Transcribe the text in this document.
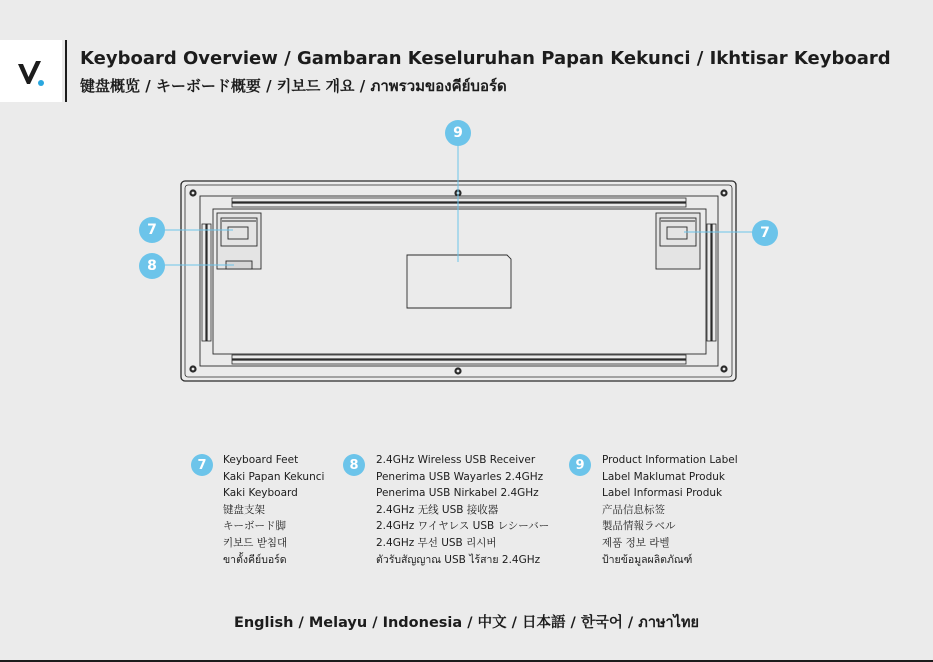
Keyboard Overview / Gambaran Keseluruhan Papan Kekunci / Ikhtisar Keyboard
键盘概览 / キーボード概要 / 키보드 개요 / ภาพรวมของคีย์บอร์ด
9
7
8
7
7	Keyboard Feet
Kaki Papan Kekunci
Kaki Keyboard
键盘支架
キーボード脚
키보드 받침대
ขาตั้งคีย์บอร์ด
8	2.4GHz Wireless USB Receiver
Penerima USB Wayarles 2.4GHz
Penerima USB Nirkabel 2.4GHz
2.4GHz 无线 USB 接收器
2.4GHz ワイヤレス USB レシーバー
2.4GHz 무선 USB 리시버
ตัวรับสัญญาณ USB ไร้สาย 2.4GHz
9	Product Information Label
Label Maklumat Produk
Label Informasi Produk
产品信息标签
製品情報ラベル
제품 정보 라벨
ป้ายข้อมูลผลิตภัณฑ์
English / Melayu / Indonesia / 中文 / 日本語 / 한국어 / ภาษาไทย
